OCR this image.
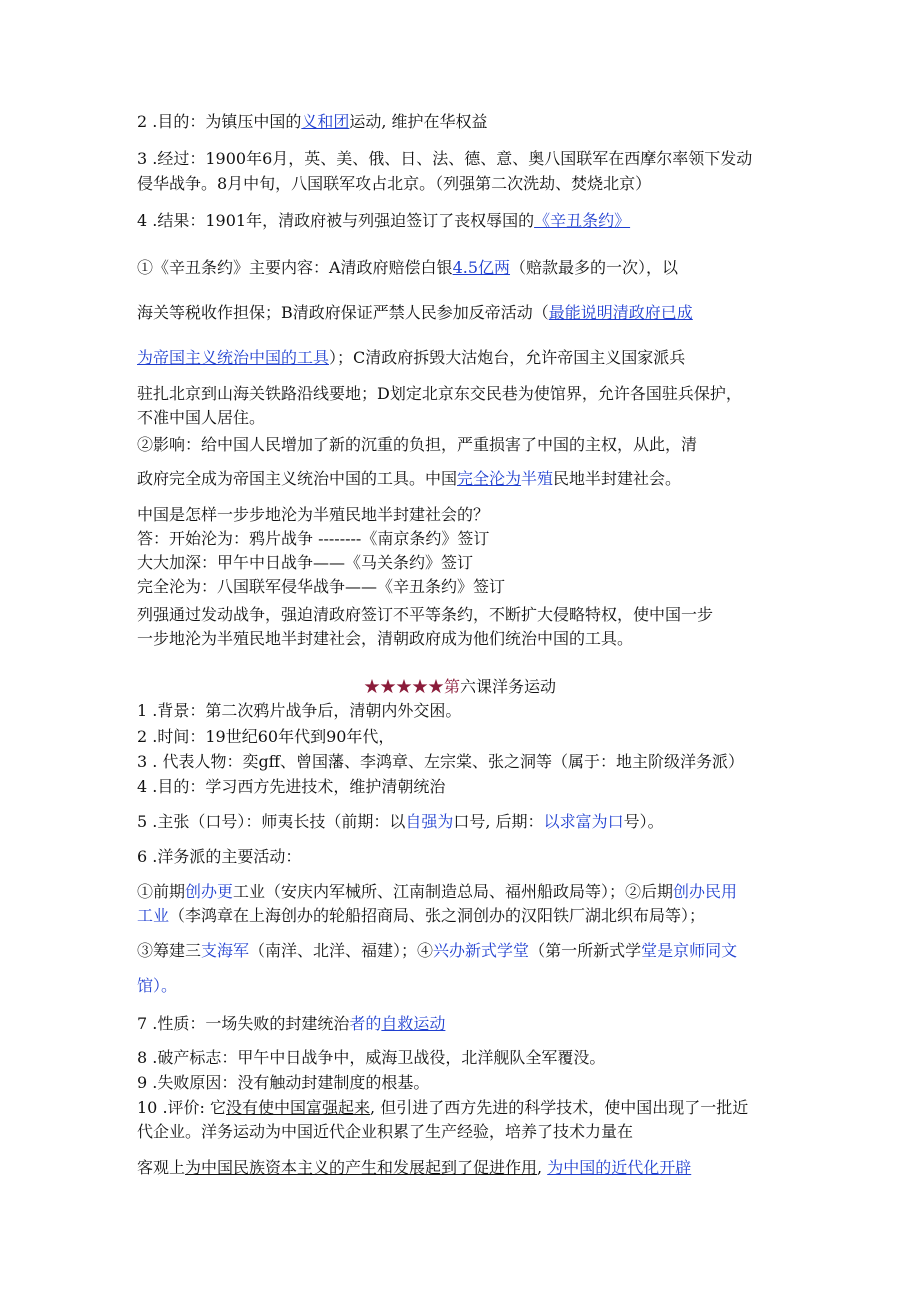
2 .目的：为镇压中国的义和团运动, 维护在华权益
3 .经过：1900年6月，英、美、俄、日、法、德、意、奥八国联军在西摩尔率领下发动
侵华战争。8月中旬，八国联军攻占北京。（列强第二次洗劫、焚烧北京）
4 .结果：1901年，清政府被与列强迫签订了丧权辱国的《辛丑条约》
①《辛丑条约》主要内容：A清政府赔偿白银4.5亿两（赔款最多的一次），以
海关等税收作担保；B清政府保证严禁人民参加反帝活动（最能说明清政府已成
为帝国主义统治中国的工具）；C清政府拆毁大沽炮台，允许帝国主义国家派兵
驻扎北京到山海关铁路沿线要地；D划定北京东交民巷为使馆界，允许各国驻兵保护，
不准中国人居住。
②影响：给中国人民增加了新的沉重的负担，严重损害了中国的主权，从此，清
政府完全成为帝国主义统治中国的工具。中国完全沦为半殖民地半封建社会。
中国是怎样一步步地沦为半殖民地半封建社会的？
答：开始沦为：鸦片战争 --------《南京条约》签订
大大加深：甲午中日战争——《马关条约》签订
完全沦为：八国联军侵华战争——《辛丑条约》签订
列强通过发动战争，强迫清政府签订不平等条约，不断扩大侵略特权，使中国一步
一步地沦为半殖民地半封建社会，清朝政府成为他们统治中国的工具。
★★★★★第六课洋务运动
1 .背景：第二次鸦片战争后，清朝内外交困。
2 .时间：19世纪60年代到90年代，
3 . 代表人物：奕gff、曾国藩、李鸿章、左宗棠、张之洞等（属于：地主阶级洋务派）
4 .目的：学习西方先进技术，维护清朝统治
5 .主张（口号）：师夷长技（前期：以自强为口号, 后期：以求富为口号）。
6 .洋务派的主要活动：
①前期创办更工业（安庆内军械所、江南制造总局、福州船政局等）；②后期创办民用
工业（李鸿章在上海创办的轮船招商局、张之洞创办的汉阳铁厂湖北织布局等）；
③筹建三支海军（南洋、北洋、福建）；④兴办新式学堂（第一所新式学堂是京师同文
馆）。
7 .性质：一场失败的封建统治者的自救运动
8 .破产标志：甲午中日战争中，威海卫战役，北洋舰队全军覆没。
9 .失败原因：没有触动封建制度的根基。
10 .评价: 它没有使中国富强起来, 但引进了西方先进的科学技术，使中国出现了一批近
代企业。洋务运动为中国近代企业积累了生产经验，培养了技术力量在
客观上为中国民族资本主义的产生和发展起到了促进作用, 为中国的近代化开辟
